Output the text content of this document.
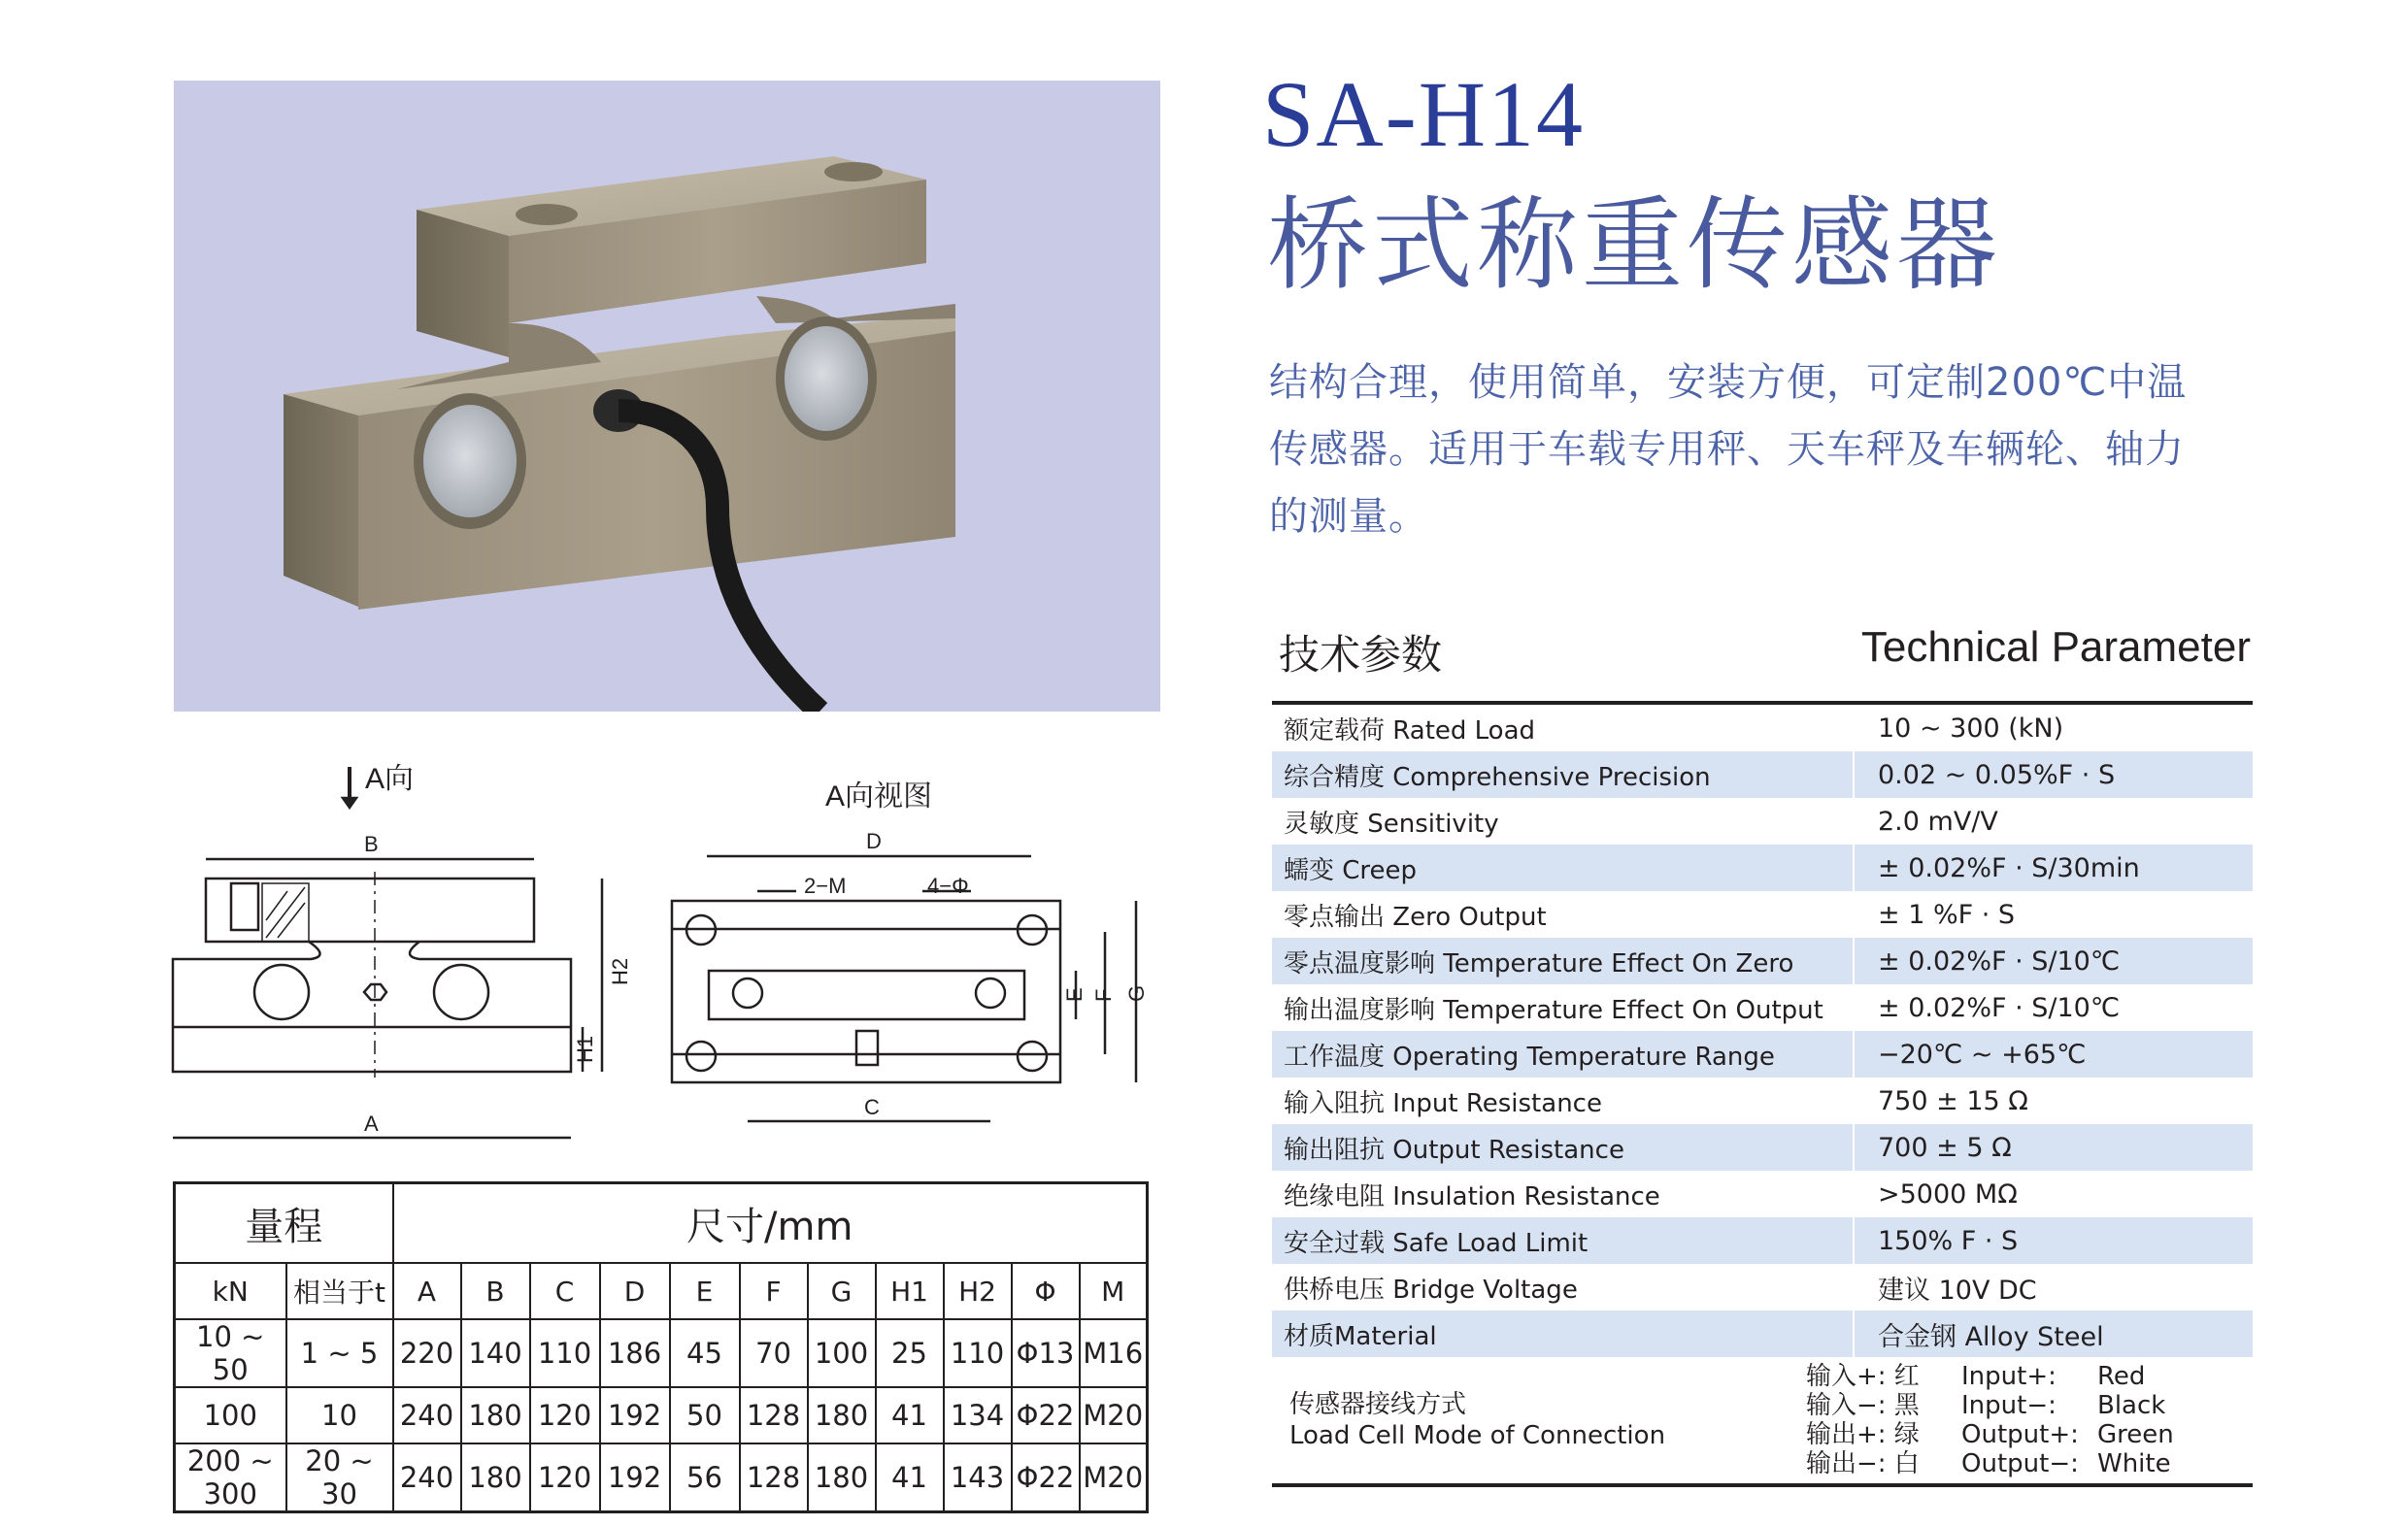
SA-H14
桥式称重传感器
结构合理，使用简单，安装方便，可定制200℃中温
传感器。适用于车载专用秤、天车秤及车辆轮、轴力
的测量。
技术参数	Technical Parameter
额定载荷 Rated Load	10 ~ 300 (kN)
综合精度 Comprehensive Precision	0.02 ~ 0.05%F · S
灵敏度 Sensitivity	2.0 mV/V
蠕变 Creep	± 0.02%F · S/30min
零点输出 Zero Output	± 1 %F · S
零点温度影响 Temperature Effect On Zero	± 0.02%F · S/10℃
输出温度影响 Temperature Effect On Output	± 0.02%F · S/10℃
工作温度 Operating Temperature Range	−20℃ ~ +65℃
输入阻抗 Input Resistance	750 ± 15 Ω
输出阻抗 Output Resistance	700 ± 5 Ω
绝缘电阻 Insulation Resistance	>5000 MΩ
安全过载 Safe Load Limit	150% F · S
供桥电压 Bridge Voltage	建议 10V DC
材质Material	合金钢 Alloy Steel
传感器接线方式
Load Cell Mode of Connection
输入+: 红	Input+:	Red
输入−: 黑	Input−:	Black
输出+: 绿	Output+: Green
输出−: 白	Output−: White
A向
B
A
H2
H1
A向视图
D
C
2−M	4−Φ
E F G
量程		尺寸/mm										
kN	相当于t	A	B	C	D	E	F	G	H1	H2	Φ	M
10 ~ 50	1 ~ 5	220	140	110	186	45	70	100	25	110	Φ13	M16
100	10	240	180	120	192	50	128	180	41	134	Φ22	M20
200 ~ 300	20 ~ 30	240	180	120	192	56	128	180	41	143	Φ22	M20
